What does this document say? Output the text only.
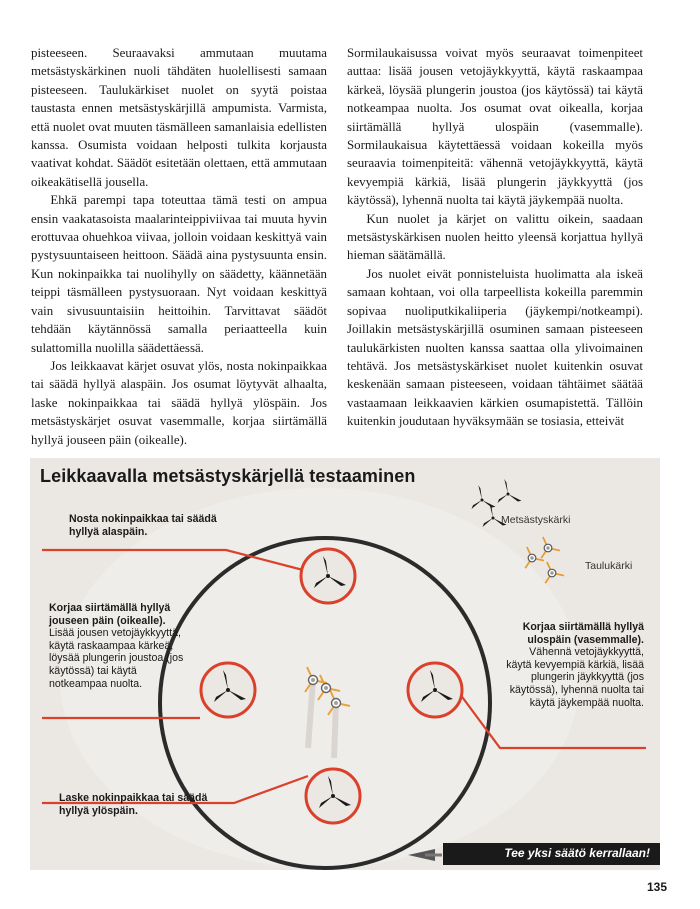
pisteeseen. Seuraavaksi ammutaan muutama metsästyskärkinen nuoli tähdäten huolellisesti samaan pisteeseen. Taulukärkiset nuolet on syytä poistaa taustasta ennen metsästyskärjillä ampumista. Varmista, että nuolet ovat muuten täsmälleen samanlaisia edellisten kanssa. Osumista voidaan helposti tulkita korjausta vaativat kohdat. Säädöt esitetään olettaen, että ammutaan oikeakätisellä jousella.

Ehkä parempi tapa toteuttaa tämä testi on ampua ensin vaakatasoista maalarinteippiviivaa tai muuta hyvin erottuvaa ohuehkoa viivaa, jolloin voidaan keskittyä vain pystysuuntaiseen heittoon. Säädä aina pystysuunta ensin. Kun nokinpaikka tai nuolihylly on säädetty, käännetään teippi täsmälleen pystysuoraan. Nyt voidaan keskittyä vain sivusuuntaisiin heittoihin. Tarvittavat säädöt tehdään käytännössä samalla periaatteella kuin sulattomilla nuolilla säädettäessä.

Jos leikkaavat kärjet osuvat ylös, nosta nokinpaikkaa tai säädä hyllyä alaspäin. Jos osumat löytyvät alhaalta, laske nokinpaikkaa tai säädä hyllyä ylöspäin. Jos metsästyskärjet osuvat vasemmalle, korjaa siirtämällä hyllyä jouseen päin (oikealle).

Sormilaukaisussa voivat myös seuraavat toimenpiteet auttaa: lisää jousen vetojäykkyyttä, käytä raskaampaa kärkeä, löysää plungerin joustoa (jos käytössä) tai käytä notkeampaa nuolta. Jos osumat ovat oikealla, korjaa siirtämällä hyllyä ulospäin (vasemmalle). Sormilaukaisua käytettäessä voidaan kokeilla myös seuraavia toimenpiteitä: vähennä vetojäykkyyttä, käytä kevyempiä kärkiä, lisää plungerin jäykkyyttä (jos käytössä), lyhennä nuolta tai käytä jäykempää nuolta.

Kun nuolet ja kärjet on valittu oikein, saadaan metsästyskärkisen nuolen heitto yleensä korjattua hyllyä hieman säätämällä.

Jos nuolet eivät ponnisteluista huolimatta ala iskeä samaan kohtaan, voi olla tarpeellista kokeilla paremmin sopivaa nuoliputkikaliiperia (jäykempi/notkeampi). Joillakin metsästyskärjillä osuminen samaan pisteeseen taulukärkisten nuolten kanssa saattaa olla ylivoimainen tehtävä. Jos metsästyskärkiset nuolet kuitenkin osuvat keskenään samaan pisteeseen, voidaan tähtäimet säätää vastaamaan leikkaavien kärkien osumapistettä. Tällöin kuitenkin joudutaan hyväksymään se tosiasia, etteivät

Leikkaavalla metsästyskärjellä testaaminen
Nosta nokinpaikkaa tai säädä hyllyä alaspäin.
Korjaa siirtämällä hyllyä jouseen päin (oikealle).
Lisää jousen vetojäykkyyttä, käytä raskaampaa kärkeä, löysää plungerin joustoa (jos käytössä) tai käytä notkeampaa nuolta.
Korjaa siirtämällä hyllyä ulospäin (vasemmalle).
Vähennä vetojäykkyyttä, käytä kevyempiä kärkiä, lisää plungerin jäykkyyttä (jos käytössä), lyhennä nuolta tai käytä jäykempää nuolta.
Laske nokinpaikkaa tai säädä hyllyä ylöspäin.
Metsästyskärki
Taulukärki
Tee yksi säätö kerrallaan!

135
